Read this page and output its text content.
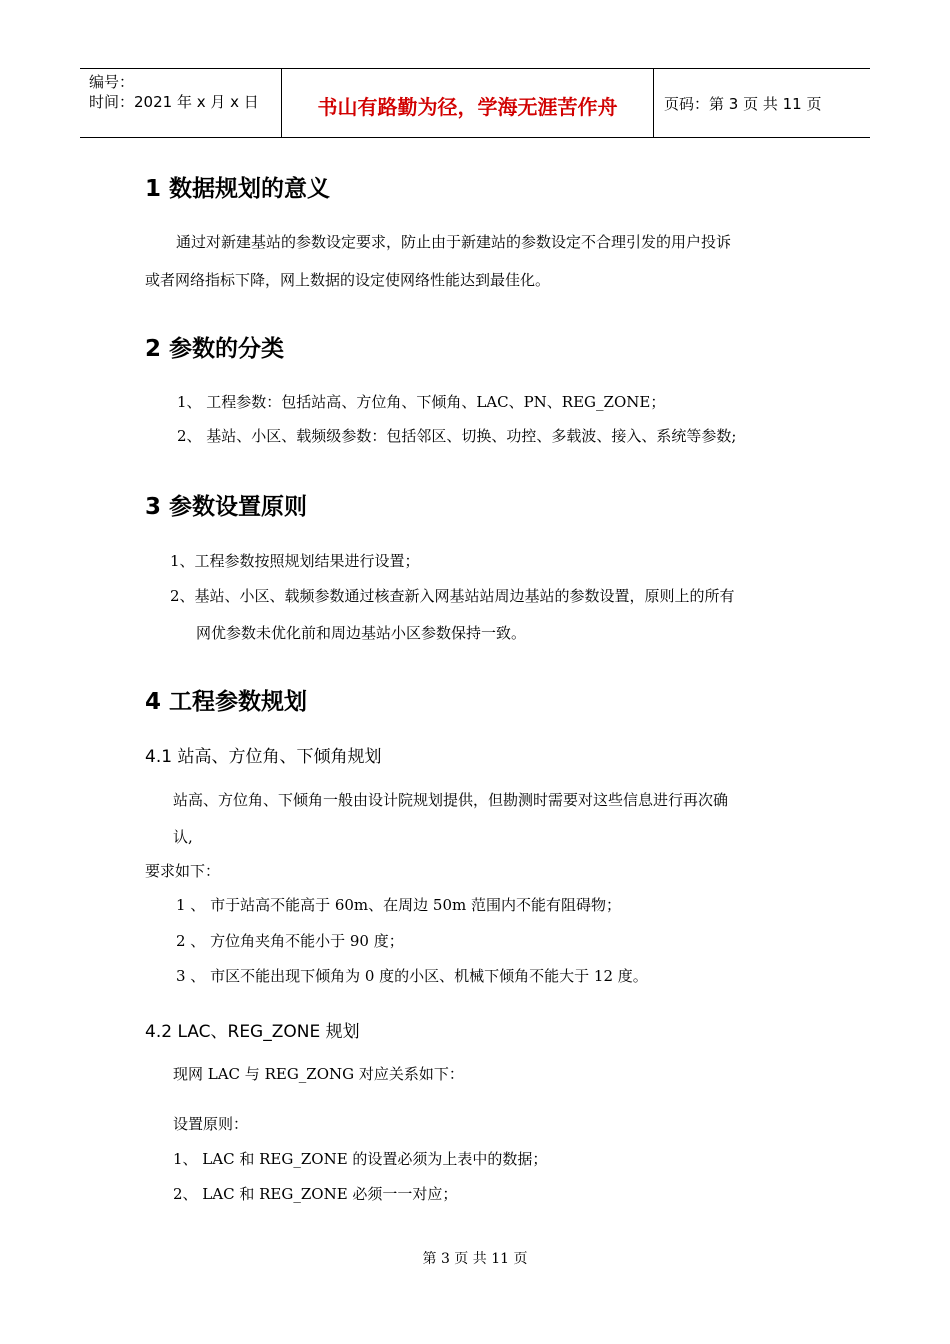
编号：
时间：2021 年 x 月 x 日	书山有路勤为径，学海无涯苦作舟	页码：第 3 页 共 11 页
1 数据规划的意义
通过对新建基站的参数设定要求，防止由于新建站的参数设定不合理引发的用户投诉
或者网络指标下降，网上数据的设定使网络性能达到最佳化。
2 参数的分类
1、 工程参数：包括站高、方位角、下倾角、LAC、PN、REG_ZONE；
2、 基站、小区、载频级参数：包括邻区、切换、功控、多载波、接入、系统等参数;
3 参数设置原则
1、工程参数按照规划结果进行设置；
2、基站、小区、载频参数通过核查新入网基站站周边基站的参数设置，原则上的所有
网优参数未优化前和周边基站小区参数保持一致。
4 工程参数规划
4.1 站高、方位角、下倾角规划
站高、方位角、下倾角一般由设计院规划提供，但勘测时需要对这些信息进行再次确
认,
要求如下：
1 、 市于站高不能高于 60m、在周边 50m 范围内不能有阻碍物；
2 、 方位角夹角不能小于 90 度；
3 、 市区不能出现下倾角为 0 度的小区、机械下倾角不能大于 12 度。
4.2 LAC、REG_ZONE 规划
现网 LAC 与 REG_ZONG 对应关系如下：
设置原则：
1、 LAC 和 REG_ZONE 的设置必须为上表中的数据；
2、 LAC 和 REG_ZONE 必须一一对应；
第 3 页 共 11 页
